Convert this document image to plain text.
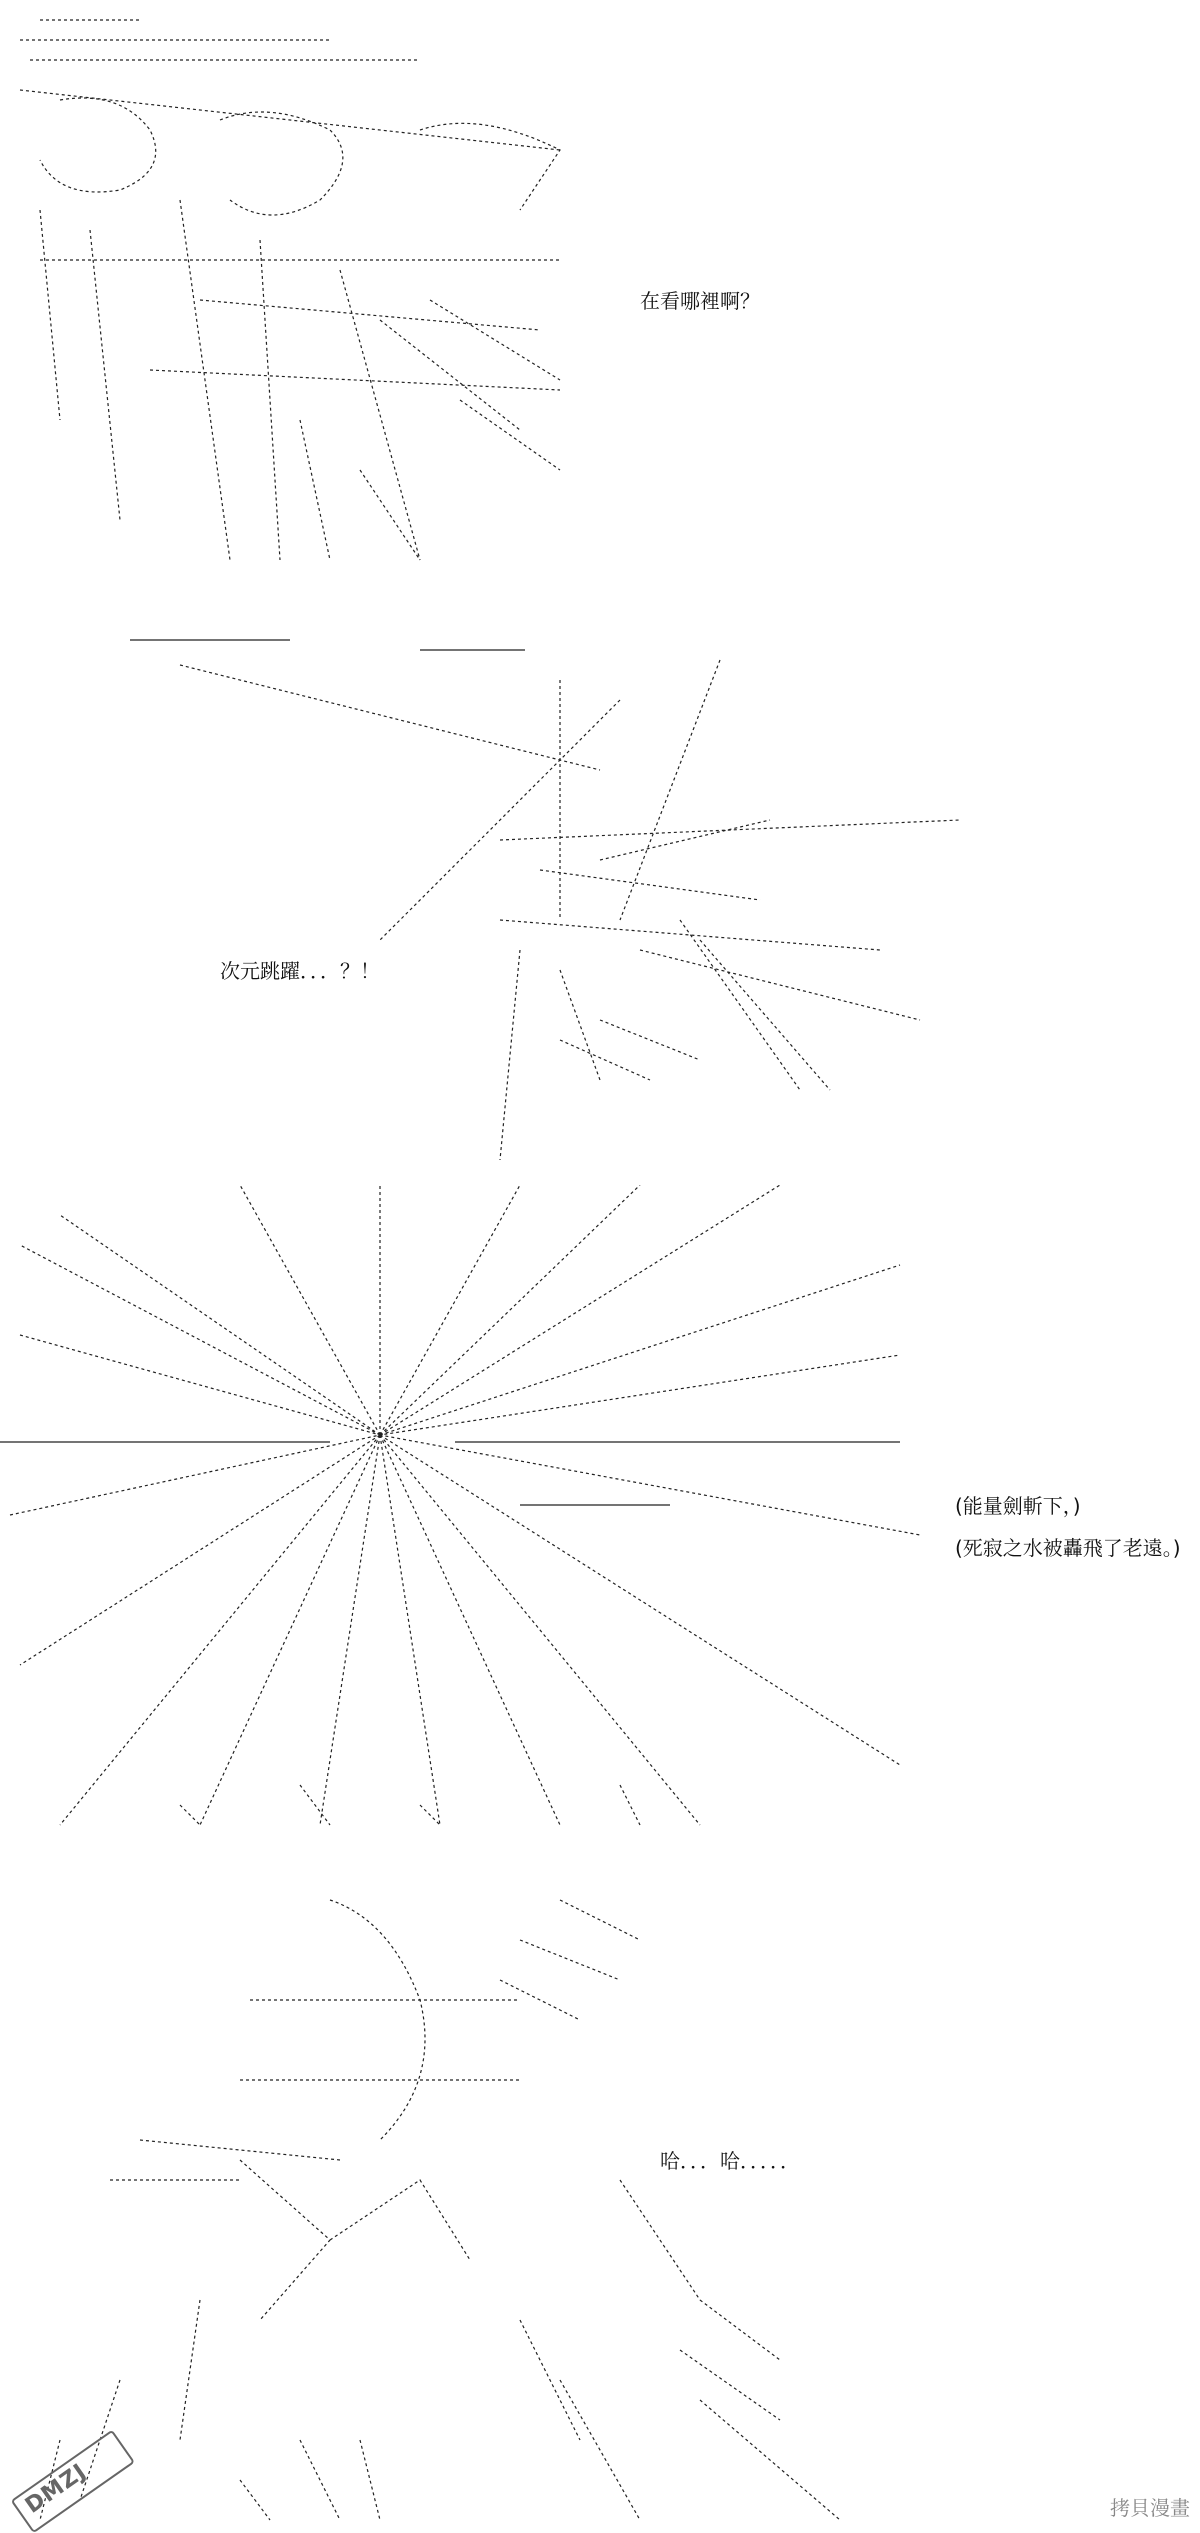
在看哪裡啊？
次元跳躍．．．？！
(能量劍斬下，)
(死寂之水被轟飛了老遠。)
哈．．．哈．．．．．
DMZJ	拷貝漫畫
